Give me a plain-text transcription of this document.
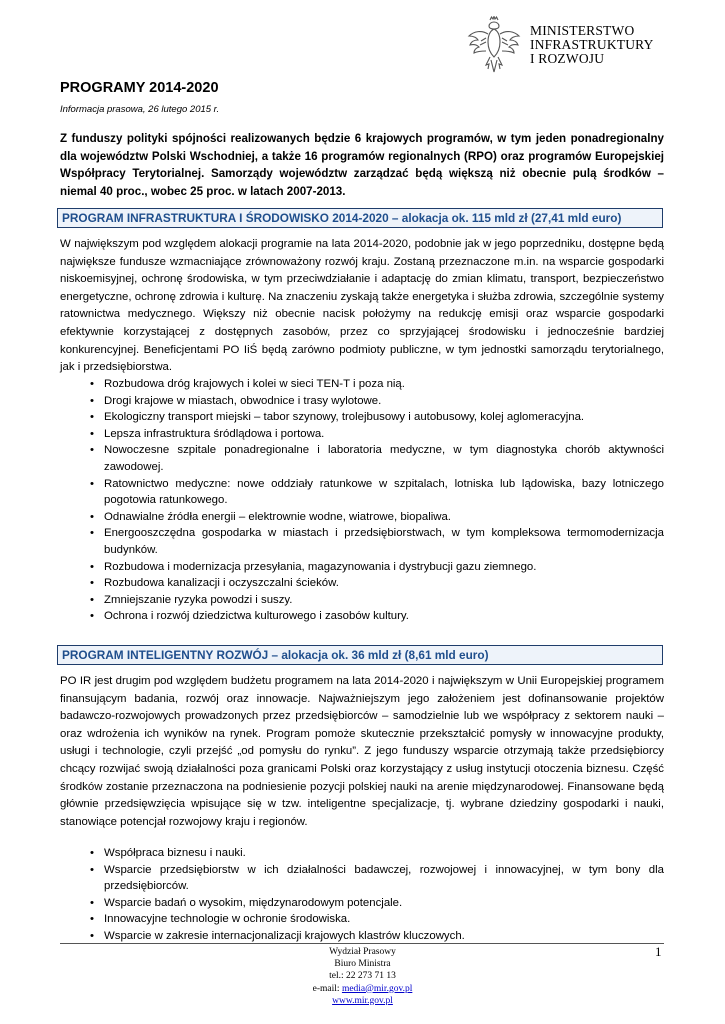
MINISTERSTWO
INFRASTRUKTURY
I ROZWOJU
PROGRAMY 2014-2020
Informacja prasowa, 26 lutego 2015 r.
Z funduszy polityki spójności realizowanych będzie 6 krajowych programów, w tym jeden ponadregionalny dla województw Polski Wschodniej, a także 16 programów regionalnych (RPO) oraz programów Europejskiej Współpracy Terytorialnej. Samorządy województw zarządzać będą większą niż obecnie pulą środków – niemal 40 proc., wobec 25 proc. w latach 2007-2013.
PROGRAM INFRASTRUKTURA I ŚRODOWISKO 2014-2020 – alokacja ok. 115 mld zł (27,41 mld euro)
W największym pod względem alokacji programie na lata 2014-2020, podobnie jak w jego poprzedniku, dostępne będą największe fundusze wzmacniające zrównoważony rozwój kraju. Zostaną przeznaczone m.in. na wsparcie gospodarki niskoemisyjnej, ochronę środowiska, w tym przeciwdziałanie i adaptację do zmian klimatu, transport, bezpieczeństwo energetyczne, ochronę zdrowia i kulturę. Na znaczeniu zyskają także energetyka i służba zdrowia, szczególnie systemy ratownictwa medycznego. Większy niż obecnie nacisk położymy na redukcję emisji oraz wsparcie gospodarki efektywnie korzystającej z dostępnych zasobów, przez co sprzyjającej środowisku i jednocześnie bardziej konkurencyjnej. Beneficjentami PO IiŚ będą zarówno podmioty publiczne, w tym jednostki samorządu terytorialnego, jak i przedsiębiorstwa.
• Rozbudowa dróg krajowych i kolei w sieci TEN-T i poza nią.
• Drogi krajowe w miastach, obwodnice i trasy wylotowe.
• Ekologiczny transport miejski – tabor szynowy, trolejbusowy i autobusowy, kolej aglomeracyjna.
• Lepsza infrastruktura śródlądowa i portowa.
• Nowoczesne szpitale ponadregionalne i laboratoria medyczne, w tym diagnostyka chorób aktywności zawodowej.
• Ratownictwo medyczne: nowe oddziały ratunkowe w szpitalach, lotniska lub lądowiska, bazy lotniczego pogotowia ratunkowego.
• Odnawialne źródła energii – elektrownie wodne, wiatrowe, biopaliwa.
• Energooszczędna gospodarka w miastach i przedsiębiorstwach, w tym kompleksowa termomodernizacja budynków.
• Rozbudowa i modernizacja przesyłania, magazynowania i dystrybucji gazu ziemnego.
• Rozbudowa kanalizacji i oczyszczalni ścieków.
• Zmniejszanie ryzyka powodzi i suszy.
• Ochrona i rozwój dziedzictwa kulturowego i zasobów kultury.
PROGRAM INTELIGENTNY ROZWÓJ – alokacja ok. 36 mld zł (8,61 mld euro)
PO IR jest drugim pod względem budżetu programem na lata 2014-2020 i największym w Unii Europejskiej programem finansującym badania, rozwój oraz innowacje. Najważniejszym jego założeniem jest dofinansowanie projektów badawczo-rozwojowych prowadzonych przez przedsiębiorców – samodzielnie lub we współpracy z sektorem nauki – oraz wdrożenia ich wyników na rynek. Program pomoże skutecznie przekształcić pomysły w innowacyjne produkty, usługi i technologie, czyli przejść „od pomysłu do rynku”. Z jego funduszy wsparcie otrzymają także przedsiębiorcy chcący rozwijać swoją działalności poza granicami Polski oraz korzystający z usług instytucji otoczenia biznesu. Część środków zostanie przeznaczona na podniesienie pozycji polskiej nauki na arenie międzynarodowej. Finansowane będą głównie przedsięwzięcia wpisujące się w tzw. inteligentne specjalizacje, tj. wybrane dziedziny gospodarki i nauki, stanowiące potencjał rozwojowy kraju i regionów.
• Współpraca biznesu i nauki.
• Wsparcie przedsiębiorstw w ich działalności badawczej, rozwojowej i innowacyjnej, w tym bony dla przedsiębiorców.
• Wsparcie badań o wysokim, międzynarodowym potencjale.
• Innowacyjne technologie w ochronie środowiska.
• Wsparcie w zakresie internacjonalizacji krajowych klastrów kluczowych.
1
Wydział Prasowy
Biuro Ministra
tel.: 22 273 71 13
e-mail: media@mir.gov.pl
www.mir.gov.pl
